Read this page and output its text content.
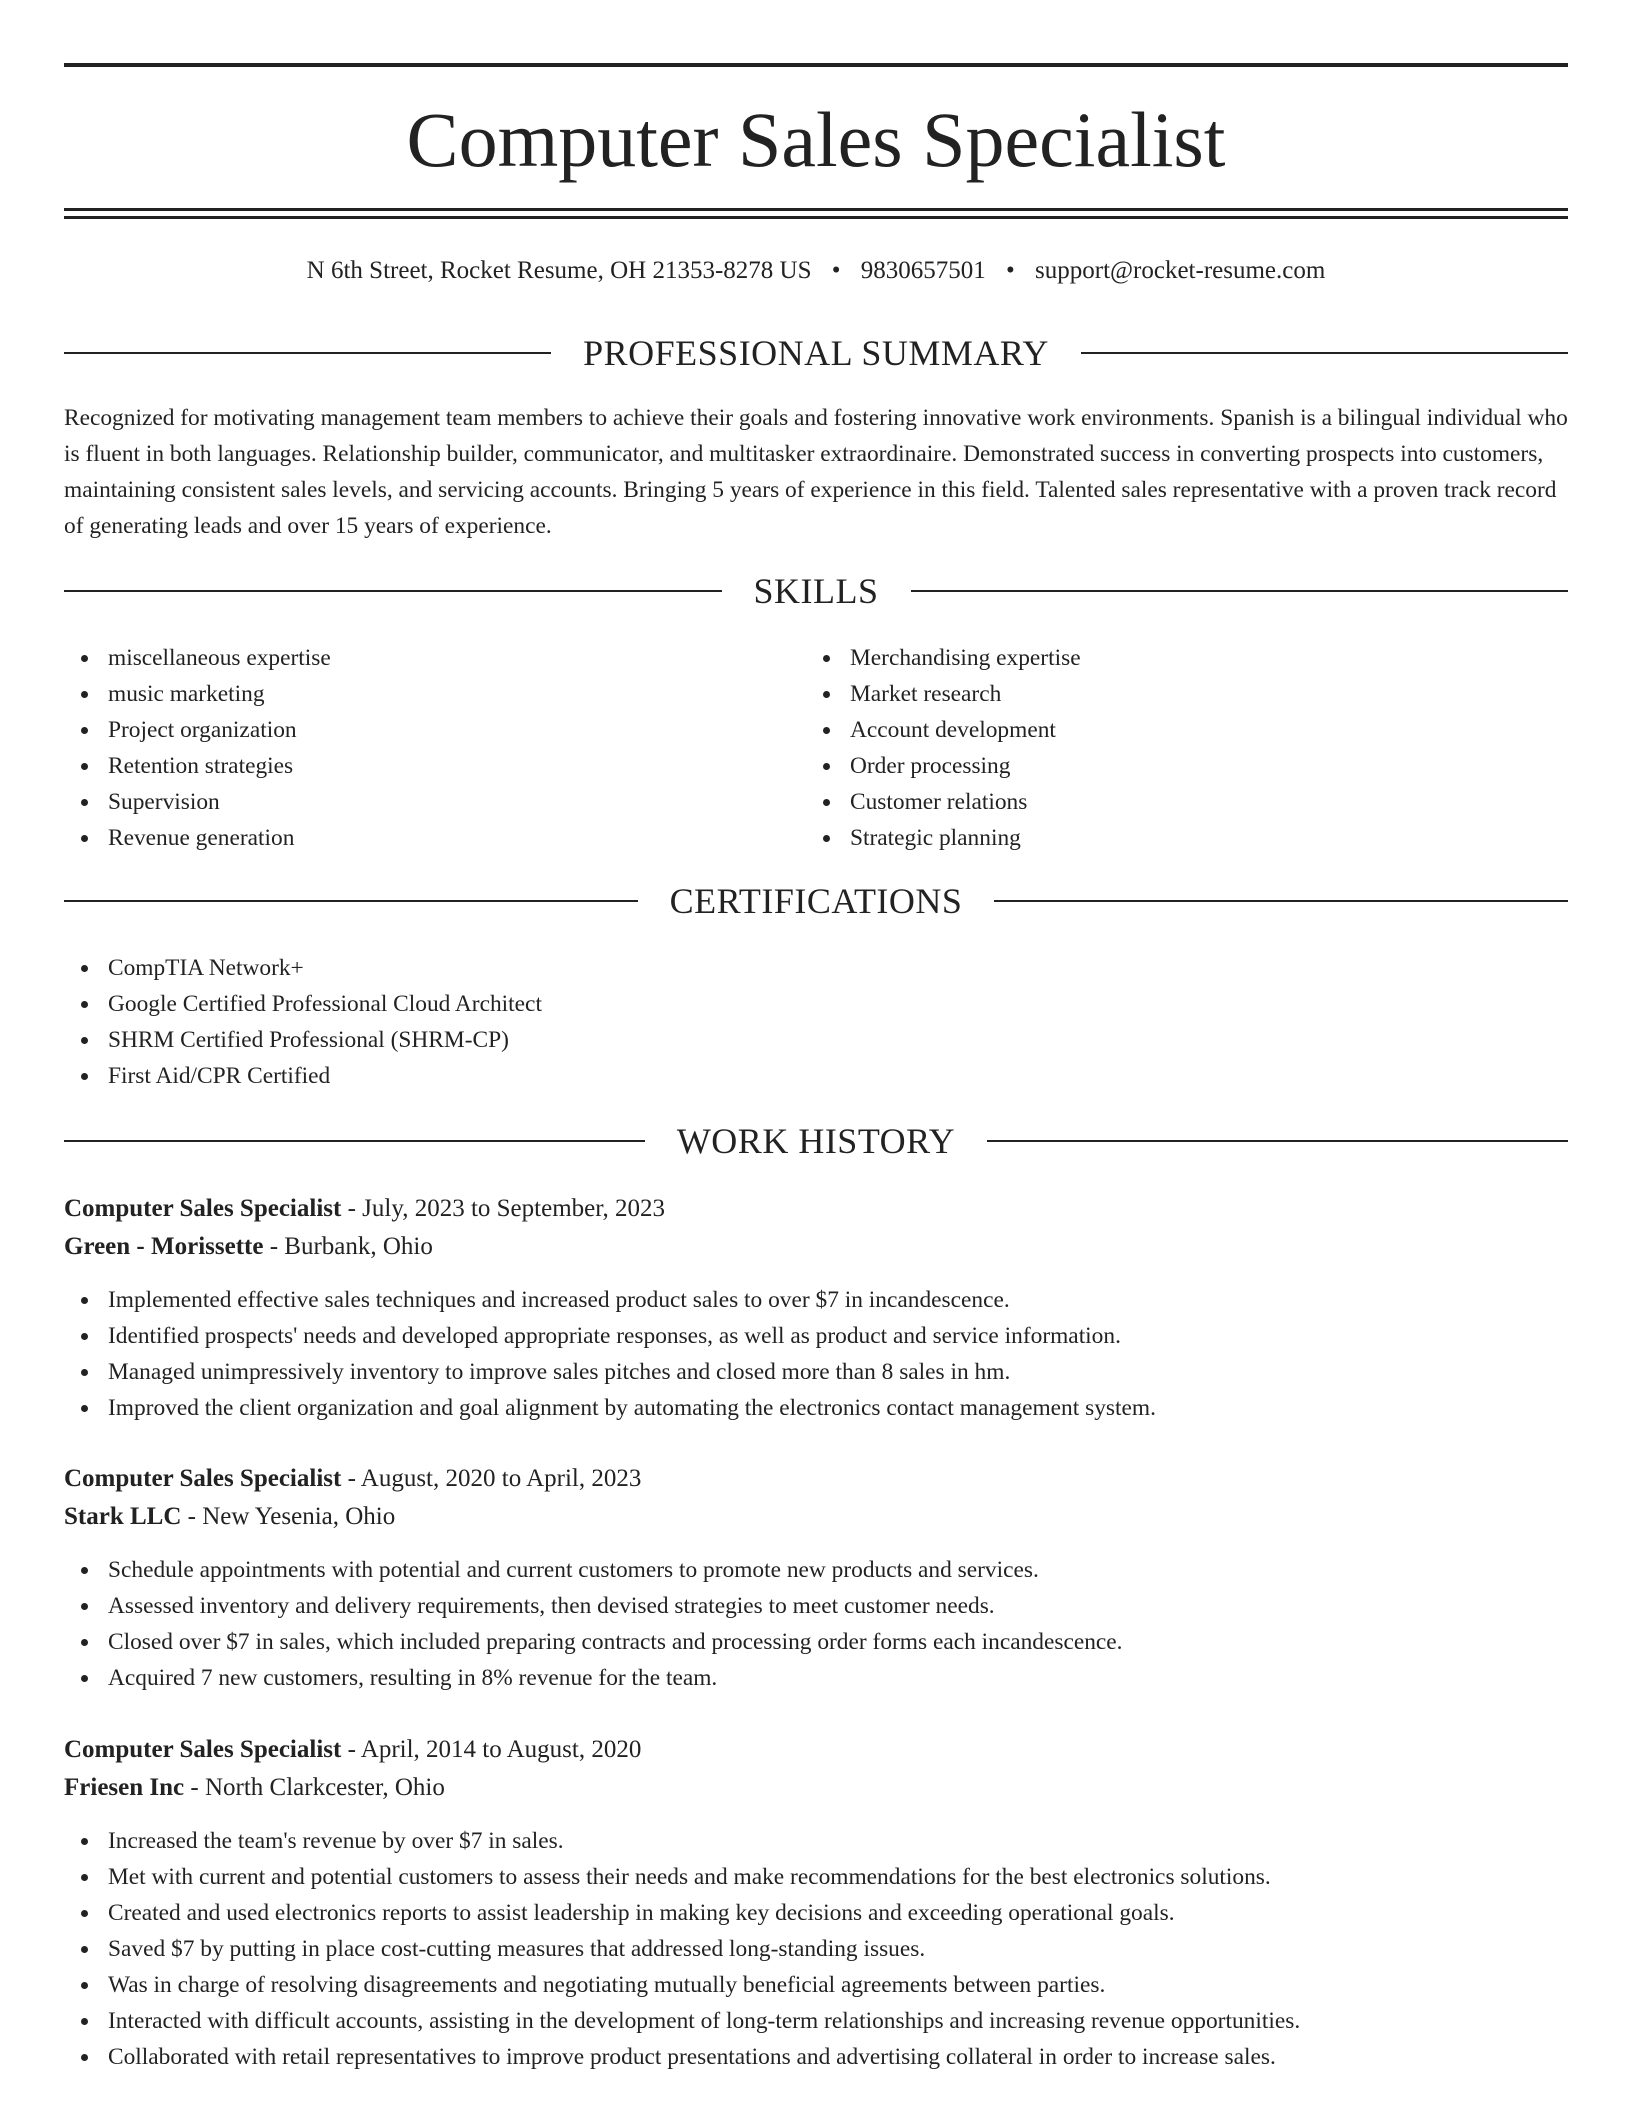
Computer Sales Specialist
N 6th Street, Rocket Resume, OH 21353-8278 US • 9830657501 • support@rocket-resume.com
PROFESSIONAL SUMMARY

Recognized for motivating management team members to achieve their goals and fostering innovative work environments. Spanish is a bilingual individual who is fluent in both languages. Relationship builder, communicator, and multitasker extraordinaire. Demonstrated success in converting prospects into customers, maintaining consistent sales levels, and servicing accounts. Bringing 5 years of experience in this field. Talented sales representative with a proven track record of generating leads and over 15 years of experience.

SKILLS
miscellaneous expertise
music marketing
Project organization
Retention strategies
Supervision
Revenue generation
Merchandising expertise
Market research
Account development
Order processing
Customer relations
Strategic planning
CERTIFICATIONS
CompTIA Network+
Google Certified Professional Cloud Architect
SHRM Certified Professional (SHRM-CP)
First Aid/CPR Certified
WORK HISTORY
Computer Sales Specialist - July, 2023 to September, 2023
Green - Morissette - Burbank, Ohio
Implemented effective sales techniques and increased product sales to over $7 in incandescence.
Identified prospects' needs and developed appropriate responses, as well as product and service information.
Managed unimpressively inventory to improve sales pitches and closed more than 8 sales in hm.
Improved the client organization and goal alignment by automating the electronics contact management system.
Computer Sales Specialist - August, 2020 to April, 2023
Stark LLC - New Yesenia, Ohio
Schedule appointments with potential and current customers to promote new products and services.
Assessed inventory and delivery requirements, then devised strategies to meet customer needs.
Closed over $7 in sales, which included preparing contracts and processing order forms each incandescence.
Acquired 7 new customers, resulting in 8% revenue for the team.
Computer Sales Specialist - April, 2014 to August, 2020
Friesen Inc - North Clarkcester, Ohio
Increased the team's revenue by over $7 in sales.
Met with current and potential customers to assess their needs and make recommendations for the best electronics solutions.
Created and used electronics reports to assist leadership in making key decisions and exceeding operational goals.
Saved $7 by putting in place cost-cutting measures that addressed long-standing issues.
Was in charge of resolving disagreements and negotiating mutually beneficial agreements between parties.
Interacted with difficult accounts, assisting in the development of long-term relationships and increasing revenue opportunities.
Collaborated with retail representatives to improve product presentations and advertising collateral in order to increase sales.
